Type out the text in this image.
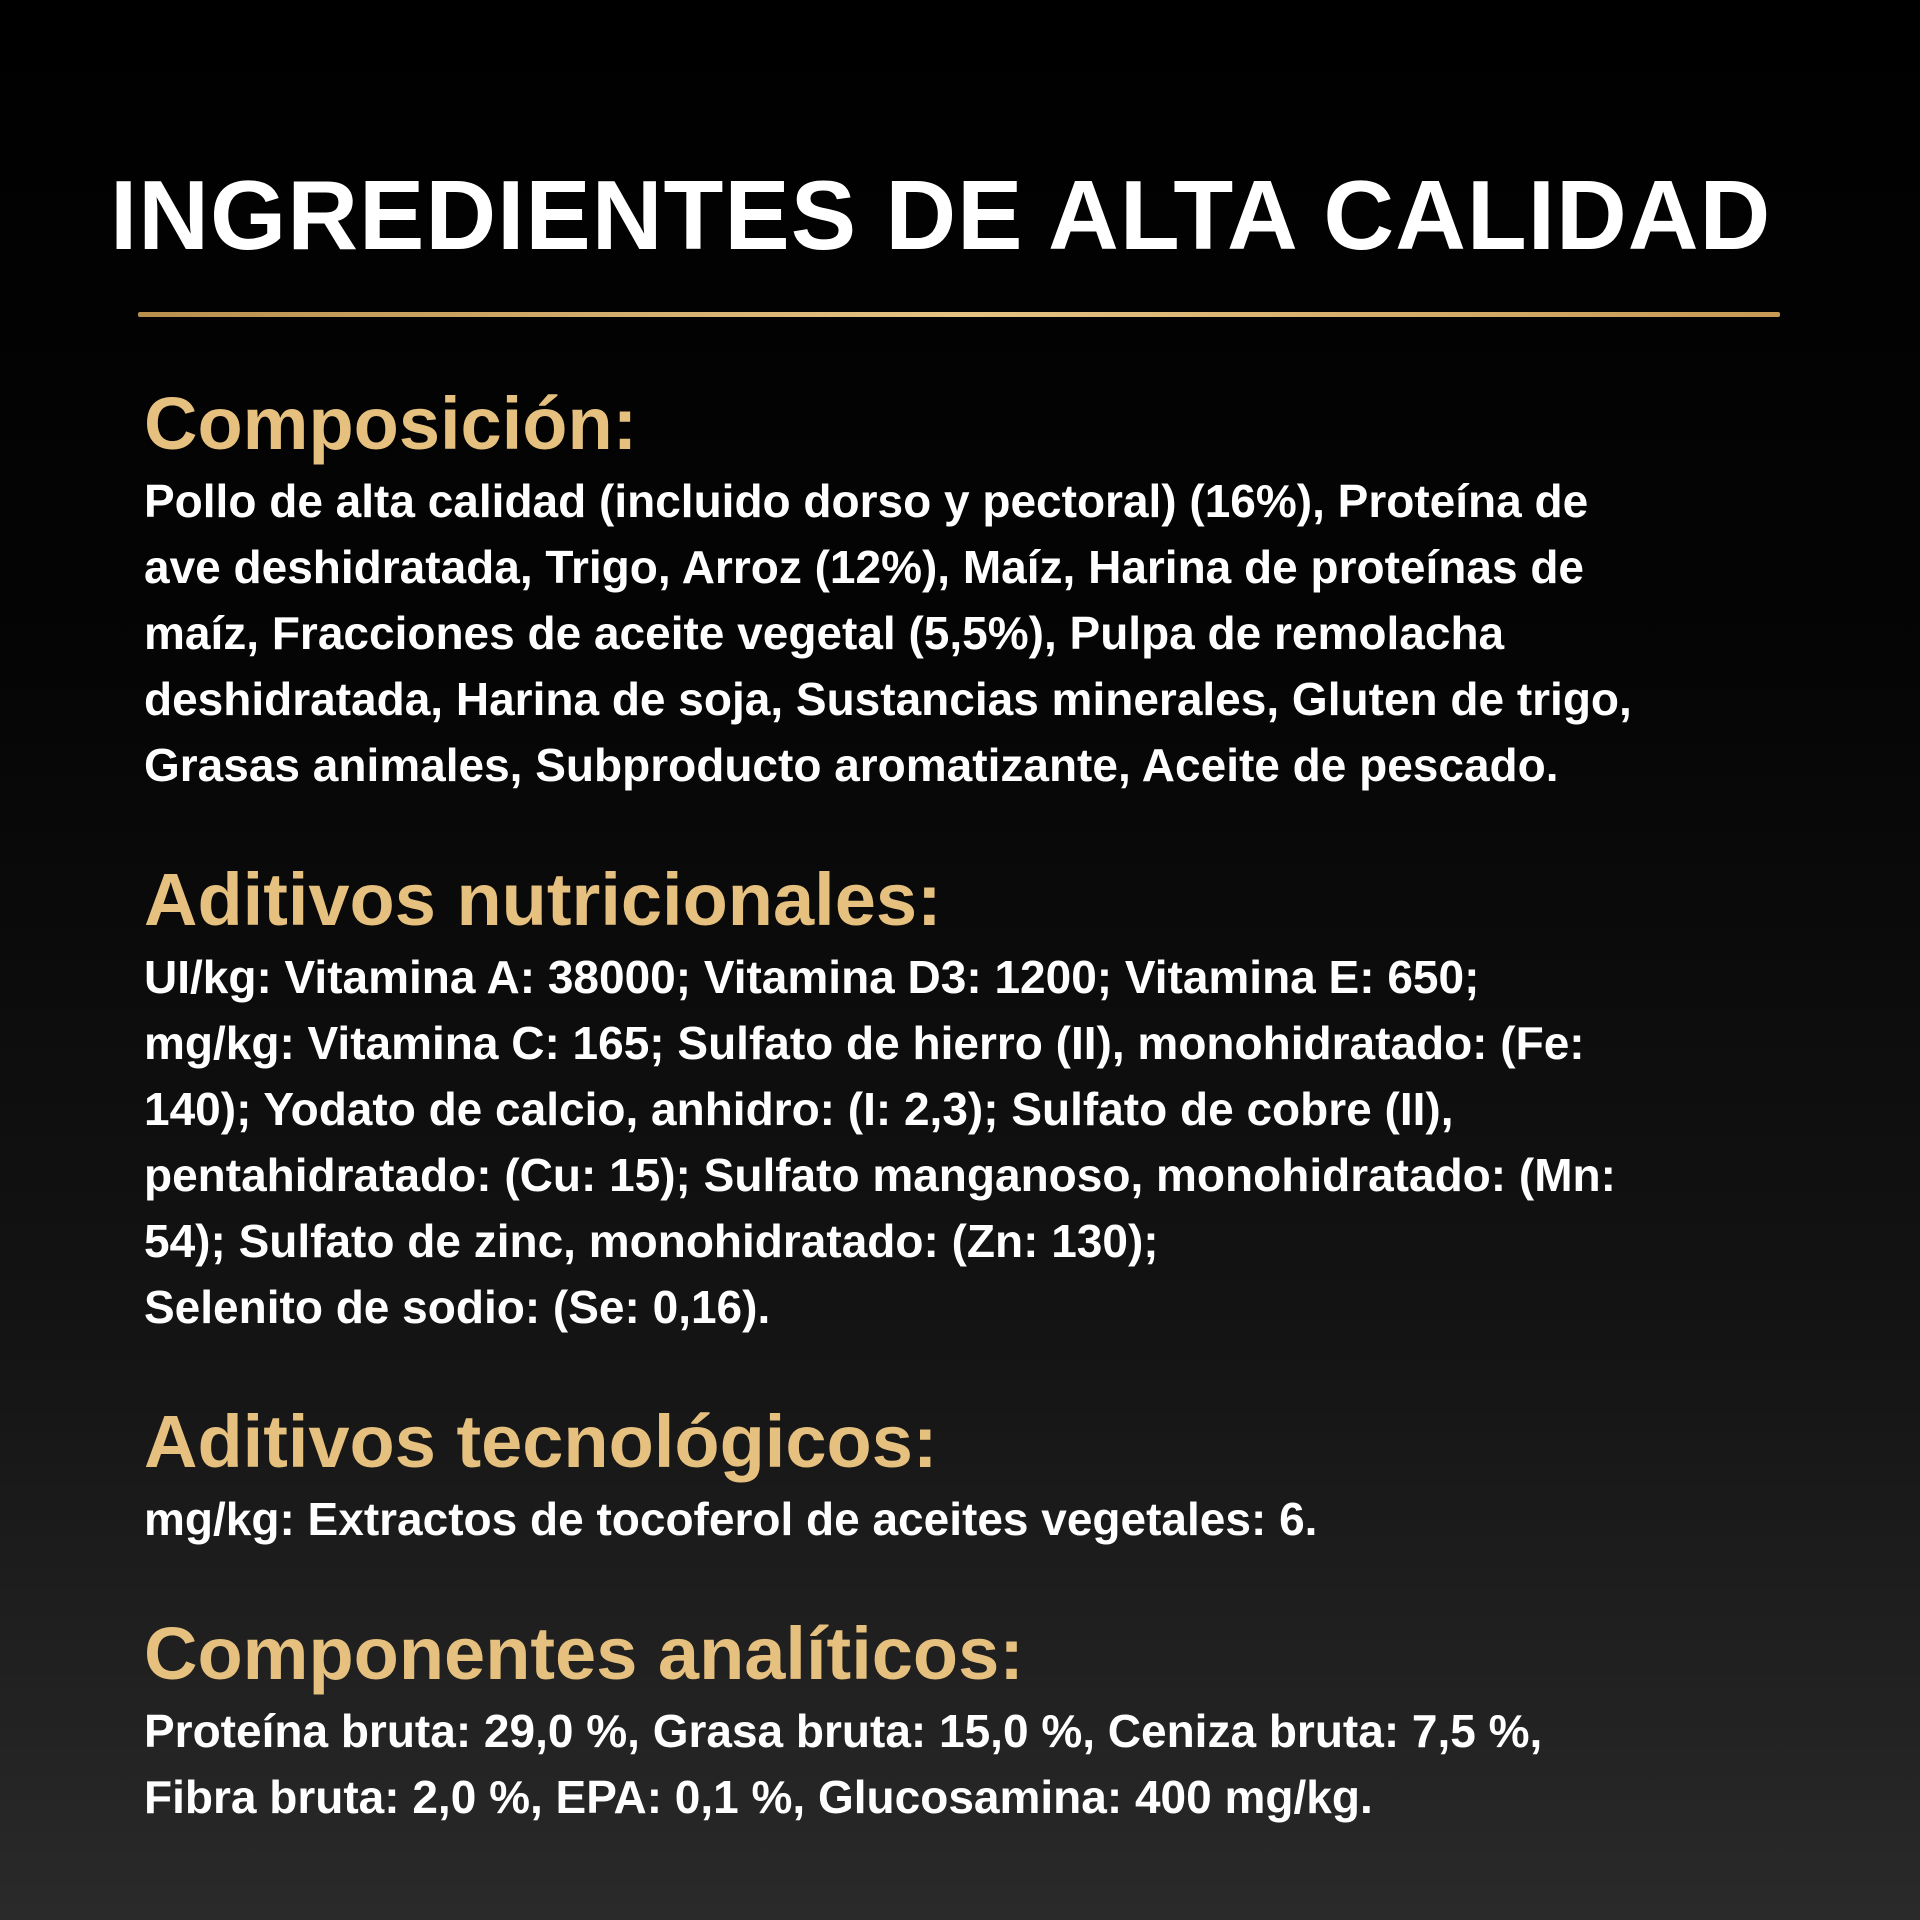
INGREDIENTES DE ALTA CALIDAD
Composición:

Pollo de alta calidad (incluido dorso y pectoral) (16%), Proteína de
ave deshidratada, Trigo, Arroz (12%), Maíz, Harina de proteínas de
maíz, Fracciones de aceite vegetal (5,5%), Pulpa de remolacha
deshidratada, Harina de soja, Sustancias minerales, Gluten de trigo,
Grasas animales, Subproducto aromatizante, Aceite de pescado.

Aditivos nutricionales:

UI/kg: Vitamina A: 38000; Vitamina D3: 1200; Vitamina E: 650;
mg/kg: Vitamina C: 165; Sulfato de hierro (II), monohidratado: (Fe:
140); Yodato de calcio, anhidro: (I: 2,3); Sulfato de cobre (II),
pentahidratado: (Cu: 15); Sulfato manganoso, monohidratado: (Mn:
54); Sulfato de zinc, monohidratado: (Zn: 130);
Selenito de sodio: (Se: 0,16).

Aditivos tecnológicos:

mg/kg: Extractos de tocoferol de aceites vegetales: 6.

Componentes analíticos:

Proteína bruta: 29,0 %, Grasa bruta: 15,0 %, Ceniza bruta: 7,5 %,
Fibra bruta: 2,0 %, EPA: 0,1 %, Glucosamina: 400 mg/kg.
